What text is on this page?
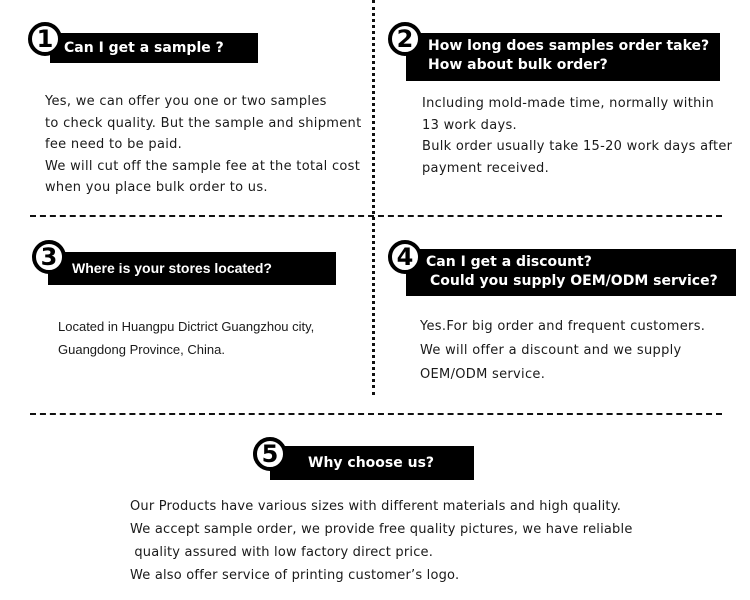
1 Can I get a sample ?
Yes, we can offer you one or two samples
to check quality. But the sample and shipment
fee need to be paid.
We will cut off the sample fee at the total cost
when you place bulk order to us.
2	How long does samples order take?
How about bulk order?
Including mold-made time, normally within
13 work days.
Bulk order usually take 15-20 work days after
payment received.
3	Where is your stores located?
Located in Huangpu Dictrict Guangzhou city,
Guangdong Province, China.
4 Can I get a discount?
Could you supply OEM/ODM service?
Yes.For big order and frequent customers.
We will offer a discount and we supply
OEM/ODM service.
5	Why choose us?
Our Products have various sizes with different materials and high quality.
We accept sample order, we provide free quality pictures, we have reliable
quality assured with low factory direct price.
We also offer service of printing customer’s logo.
